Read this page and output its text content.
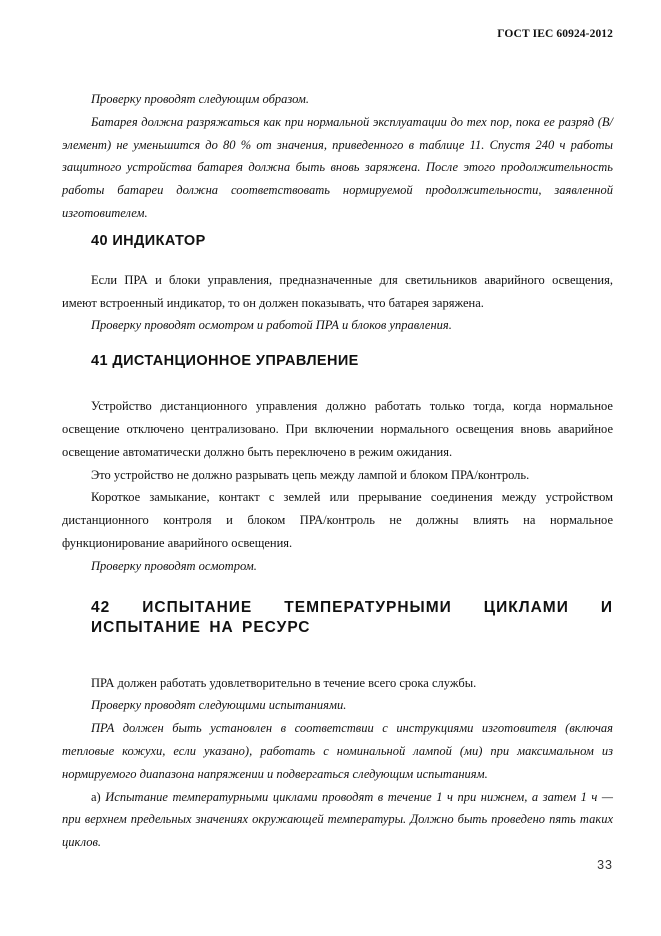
ГОСТ IEC 60924-2012

Проверку проводят следующим образом.

Батарея должна разряжаться как при нормальной эксплуатации до тех пор, пока ее разряд (В/элемент) не уменьшится до 80 % от значения, приведенного в таблице 11. Спустя 240 ч работы защитного устройства батарея должна быть вновь заряжена. После этого продолжительность работы батареи должна соответствовать нормируемой продолжительности, заявленной изготовителем.

40 ИНДИКАТОР

Если ПРА и блоки управления, предназначенные для светильников аварийного освещения, имеют встроенный индикатор, то он должен показывать, что батарея заряжена.

Проверку проводят осмотром и работой ПРА и блоков управления.

41 ДИСТАНЦИОННОЕ УПРАВЛЕНИЕ

Устройство дистанционного управления должно работать только тогда, когда нормальное освещение отключено централизовано. При включении нормального освещения вновь аварийное освещение автоматически должно быть переключено в режим ожидания.

Это устройство не должно разрывать цепь между лампой и блоком ПРА/контроль.

Короткое замыкание, контакт с землей или прерывание соединения между устройством дистанционного контроля и блоком ПРА/контроль не должны влиять на нормальное функционирование аварийного освещения.

Проверку проводят осмотром.

42 ИСПЫТАНИЕ ТЕМПЕРАТУРНЫМИ ЦИКЛАМИ И ИСПЫТАНИЕ НА РЕСУРС

ПРА должен работать удовлетворительно в течение всего срока службы.

Проверку проводят следующими испытаниями.

ПРА должен быть установлен в соответствии с инструкциями изготовителя (включая тепловые кожухи, если указано), работать с номинальной лампой (ми) при максимальном из нормируемого диапазона напряжении и подвергаться следующим испытаниям.

а) Испытание температурными циклами проводят в течение 1 ч при нижнем, а затем 1 ч — при верхнем предельных значениях окружающей температуры. Должно быть проведено пять таких циклов.

33
